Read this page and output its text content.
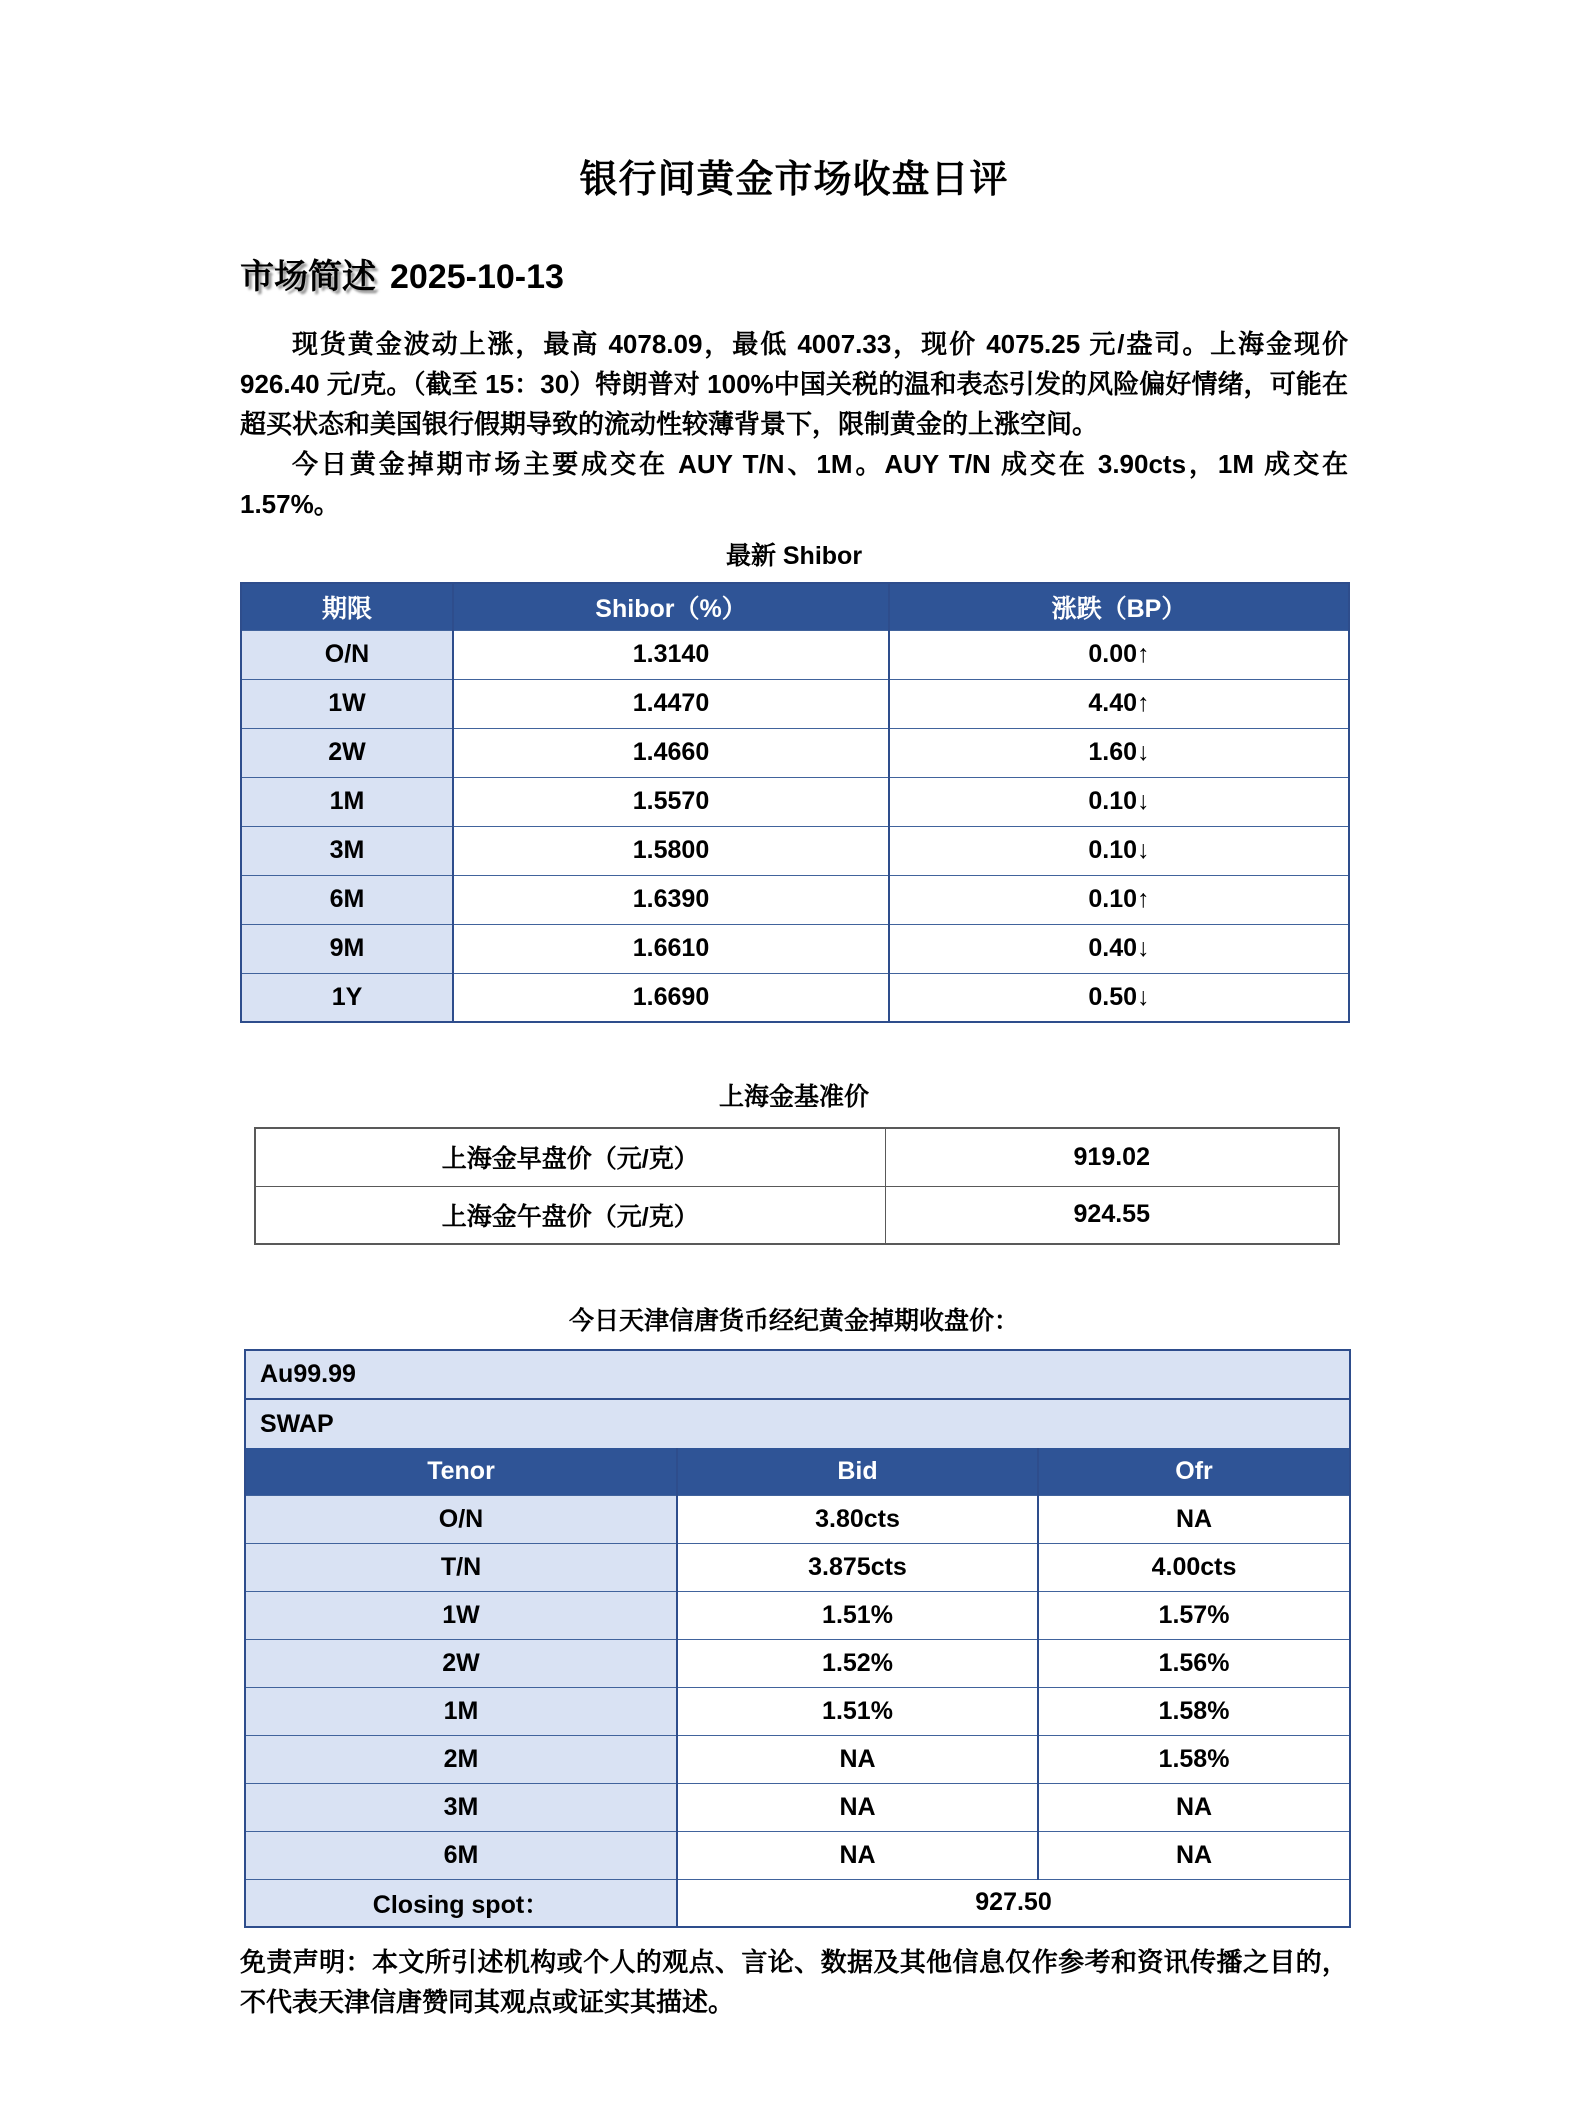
银行间黄金市场收盘日评
市场简述 2025-10-13

现货黄金波动上涨，最高 4078.09，最低 4007.33，现价 4075.25 元/盎司。上海金现价 926.40 元/克。（截至 15：30）特朗普对 100%中国关税的温和表态引发的风险偏好情绪，可能在超买状态和美国银行假期导致的流动性较薄背景下，限制黄金的上涨空间。

今日黄金掉期市场主要成交在 AUY T/N、1M。AUY T/N 成交在 3.90cts，1M 成交在 1.57%。

最新 Shibor
期限	Shibor（%）	涨跌（BP）
O/N	1.3140	0.00↑
1W	1.4470	4.40↑
2W	1.4660	1.60↓
1M	1.5570	0.10↓
3M	1.5800	0.10↓
6M	1.6390	0.10↑
9M	1.6610	0.40↓
1Y	1.6690	0.50↓
上海金基准价
上海金早盘价（元/克）	919.02
上海金午盘价（元/克）	924.55
今日天津信唐货币经纪黄金掉期收盘价：
Au99.99		
SWAP		
Tenor	Bid	Ofr
O/N	3.80cts	NA
T/N	3.875cts	4.00cts
1W	1.51%	1.57%
2W	1.52%	1.56%
1M	1.51%	1.58%
2M	NA	1.58%
3M	NA	NA
6M	NA	NA
Closing spot：	927.50	

免责声明：本文所引述机构或个人的观点、言论、数据及其他信息仅作参考和资讯传播之目的，不代表天津信唐赞同其观点或证实其描述。
